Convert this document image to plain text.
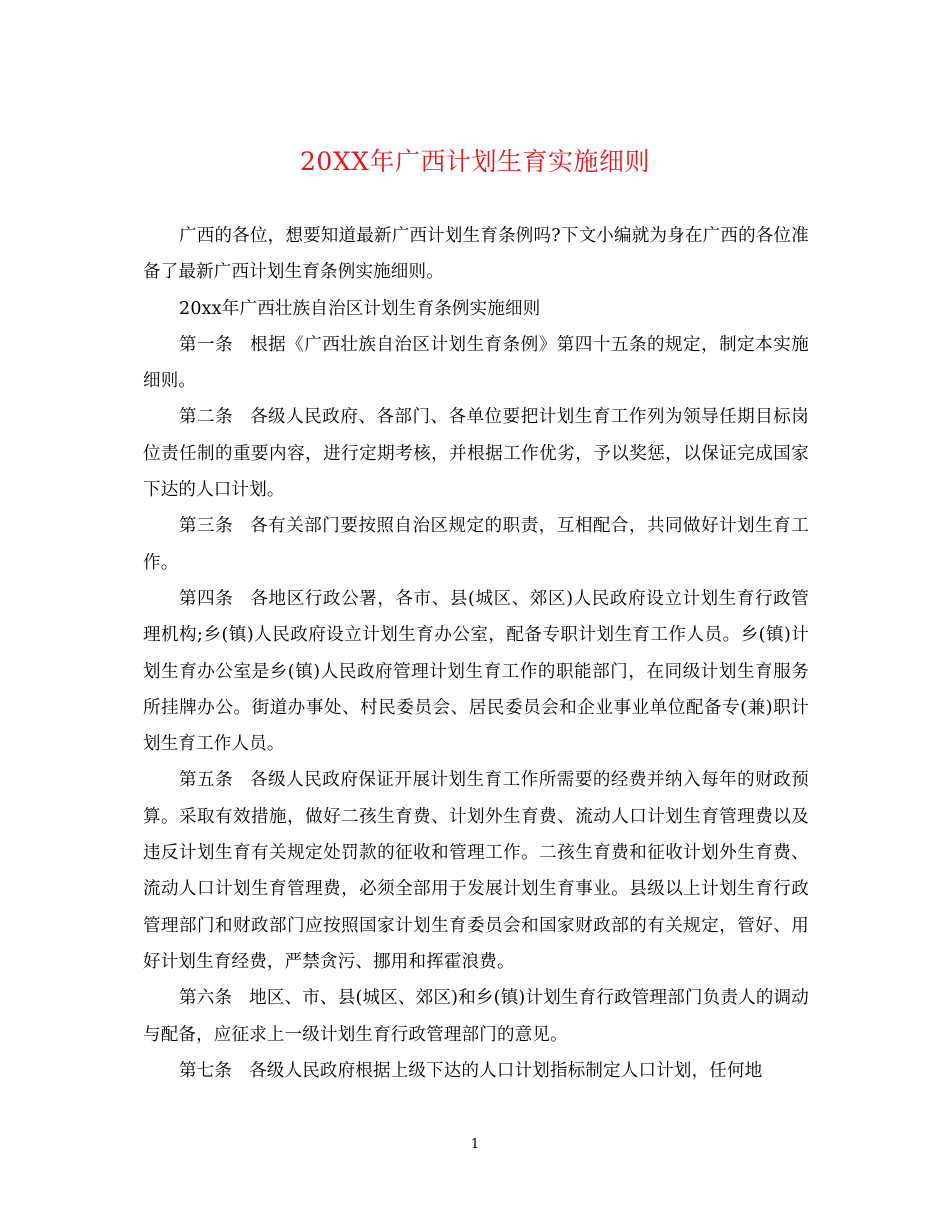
20XX年广西计划生育实施细则

广西的各位，想要知道最新广西计划生育条例吗?下文小编就为身在广西的各位准备了最新广西计划生育条例实施细则。

20xx年广西壮族自治区计划生育条例实施细则

第一条 根据《广西壮族自治区计划生育条例》第四十五条的规定，制定本实施细则。

第二条 各级人民政府、各部门、各单位要把计划生育工作列为领导任期目标岗位责任制的重要内容，进行定期考核，并根据工作优劣，予以奖惩，以保证完成国家下达的人口计划。

第三条 各有关部门要按照自治区规定的职责，互相配合，共同做好计划生育工作。

第四条 各地区行政公署，各市、县(城区、郊区)人民政府设立计划生育行政管理机构;乡(镇)人民政府设立计划生育办公室，配备专职计划生育工作人员。乡(镇)计划生育办公室是乡(镇)人民政府管理计划生育工作的职能部门，在同级计划生育服务所挂牌办公。街道办事处、村民委员会、居民委员会和企业事业单位配备专(兼)职计划生育工作人员。

第五条 各级人民政府保证开展计划生育工作所需要的经费并纳入每年的财政预算。采取有效措施，做好二孩生育费、计划外生育费、流动人口计划生育管理费以及违反计划生育有关规定处罚款的征收和管理工作。二孩生育费和征收计划外生育费、流动人口计划生育管理费，必须全部用于发展计划生育事业。县级以上计划生育行政管理部门和财政部门应按照国家计划生育委员会和国家财政部的有关规定，管好、用好计划生育经费，严禁贪污、挪用和挥霍浪费。

第六条 地区、市、县(城区、郊区)和乡(镇)计划生育行政管理部门负责人的调动与配备，应征求上一级计划生育行政管理部门的意见。

第七条 各级人民政府根据上级下达的人口计划指标制定人口计划，任何地

1
